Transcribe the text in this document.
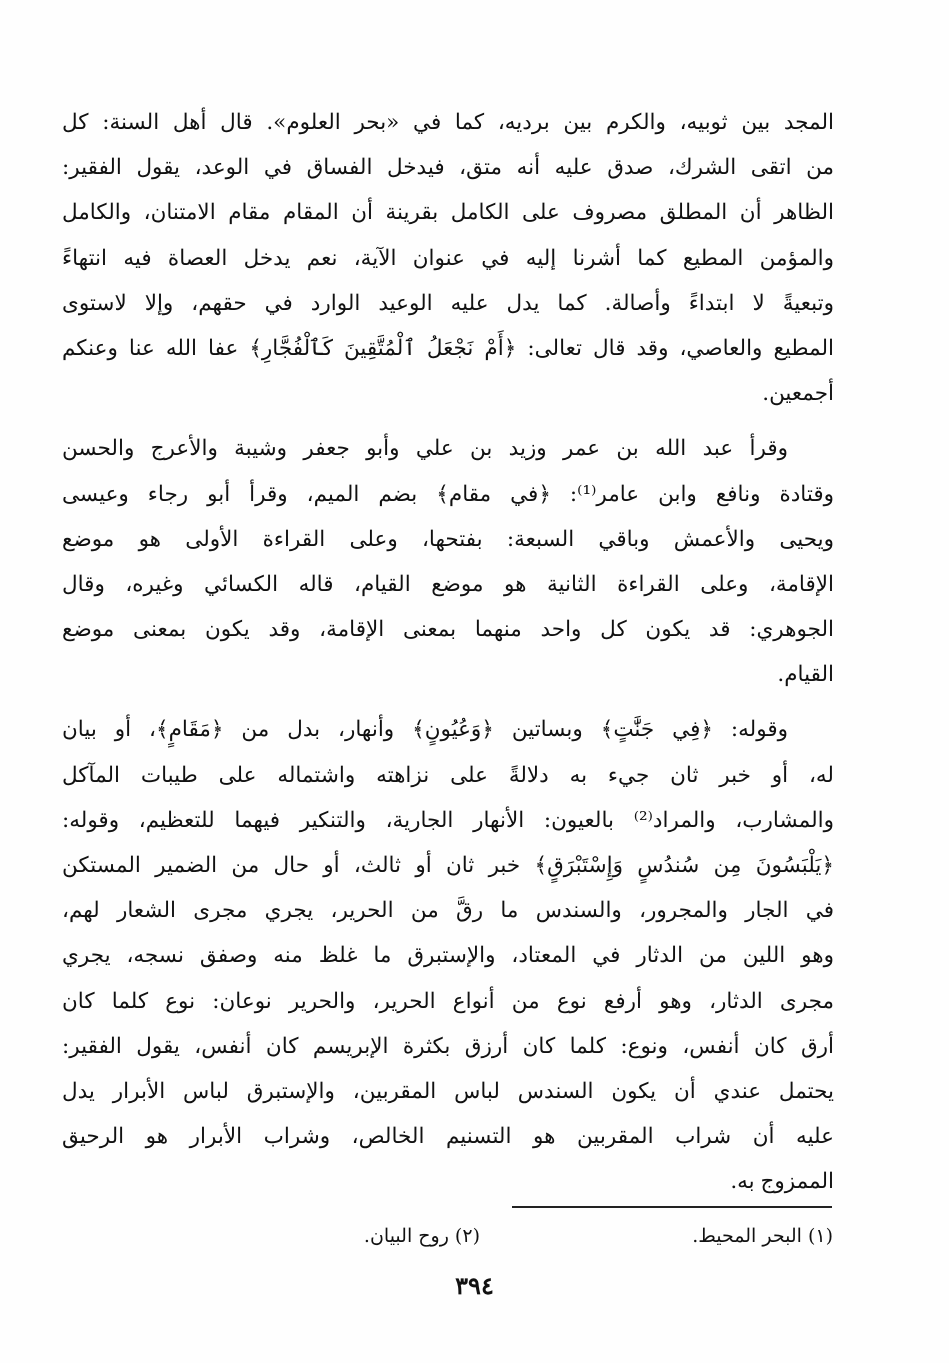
المجد بين ثوبيه، والكرم بين برديه، كما في «بحر العلوم». قال أهل السنة: كل
من اتقى الشرك، صدق عليه أنه متق، فيدخل الفساق في الوعد، يقول الفقير:
الظاهر أن المطلق مصروف على الكامل بقرينة أن المقام مقام الامتنان، والكامل
والمؤمن المطيع كما أشرنا إليه في عنوان الآية، نعم يدخل العصاة فيه انتهاءً
وتبعيةً لا ابتداءً وأصالة. كما يدل عليه الوعيد الوارد في حقهم، وإلا لاستوى
المطيع والعاصي، وقد قال تعالى: ﴿أَمْ نَجْعَلُ ٱلْمُتَّقِينَ كَٱلْفُجَّارِ﴾ عفا الله عنا وعنكم
أجمعين.
وقرأ عبد الله بن عمر وزيد بن علي وأبو جعفر وشيبة والأعرج والحسن
وقتادة ونافع وابن عامر⁽¹⁾: ﴿في مقام﴾ بضم الميم، وقرأ أبو رجاء وعيسى
ويحيى والأعمش وباقي السبعة: بفتحها، وعلى القراءة الأولى هو موضع
الإقامة، وعلى القراءة الثانية هو موضع القيام، قاله الكسائي وغيره، وقال
الجوهري: قد يكون كل واحد منهما بمعنى الإقامة، وقد يكون بمعنى موضع
القيام.
وقوله: ﴿فِي جَنَّٰتٍ﴾ وبساتين ﴿وَعُيُونٍ﴾ وأنهار، بدل من ﴿مَقَامٍ﴾، أو بيان
له، أو خبر ثان جيء به دلالةً على نزاهته واشتماله على طيبات المآكل
والمشارب، والمراد⁽²⁾ بالعيون: الأنهار الجارية، والتنكير فيهما للتعظيم، وقوله:
﴿يَلْبَسُونَ مِن سُندُسٍ وَإِسْتَبْرَقٍ﴾ خبر ثان أو ثالث، أو حال من الضمير المستكن
في الجار والمجرور، والسندس ما رقَّ من الحرير، يجري مجرى الشعار لهم،
وهو اللين من الدثار في المعتاد، والإستبرق ما غلظ منه وصفق نسجه، يجري
مجرى الدثار، وهو أرفع نوع من أنواع الحرير، والحرير نوعان: نوع كلما كان
أرق كان أنفس، ونوع: كلما كان أرزق بكثرة الإبريسم كان أنفس، يقول الفقير:
يحتمل عندي أن يكون السندس لباس المقربين، والإستبرق لباس الأبرار يدل
عليه أن شراب المقربين هو التسنيم الخالص، وشراب الأبرار هو الرحيق
الممزوج به.
(١) البحر المحيط.
(٢) روح البيان.
٣٩٤
